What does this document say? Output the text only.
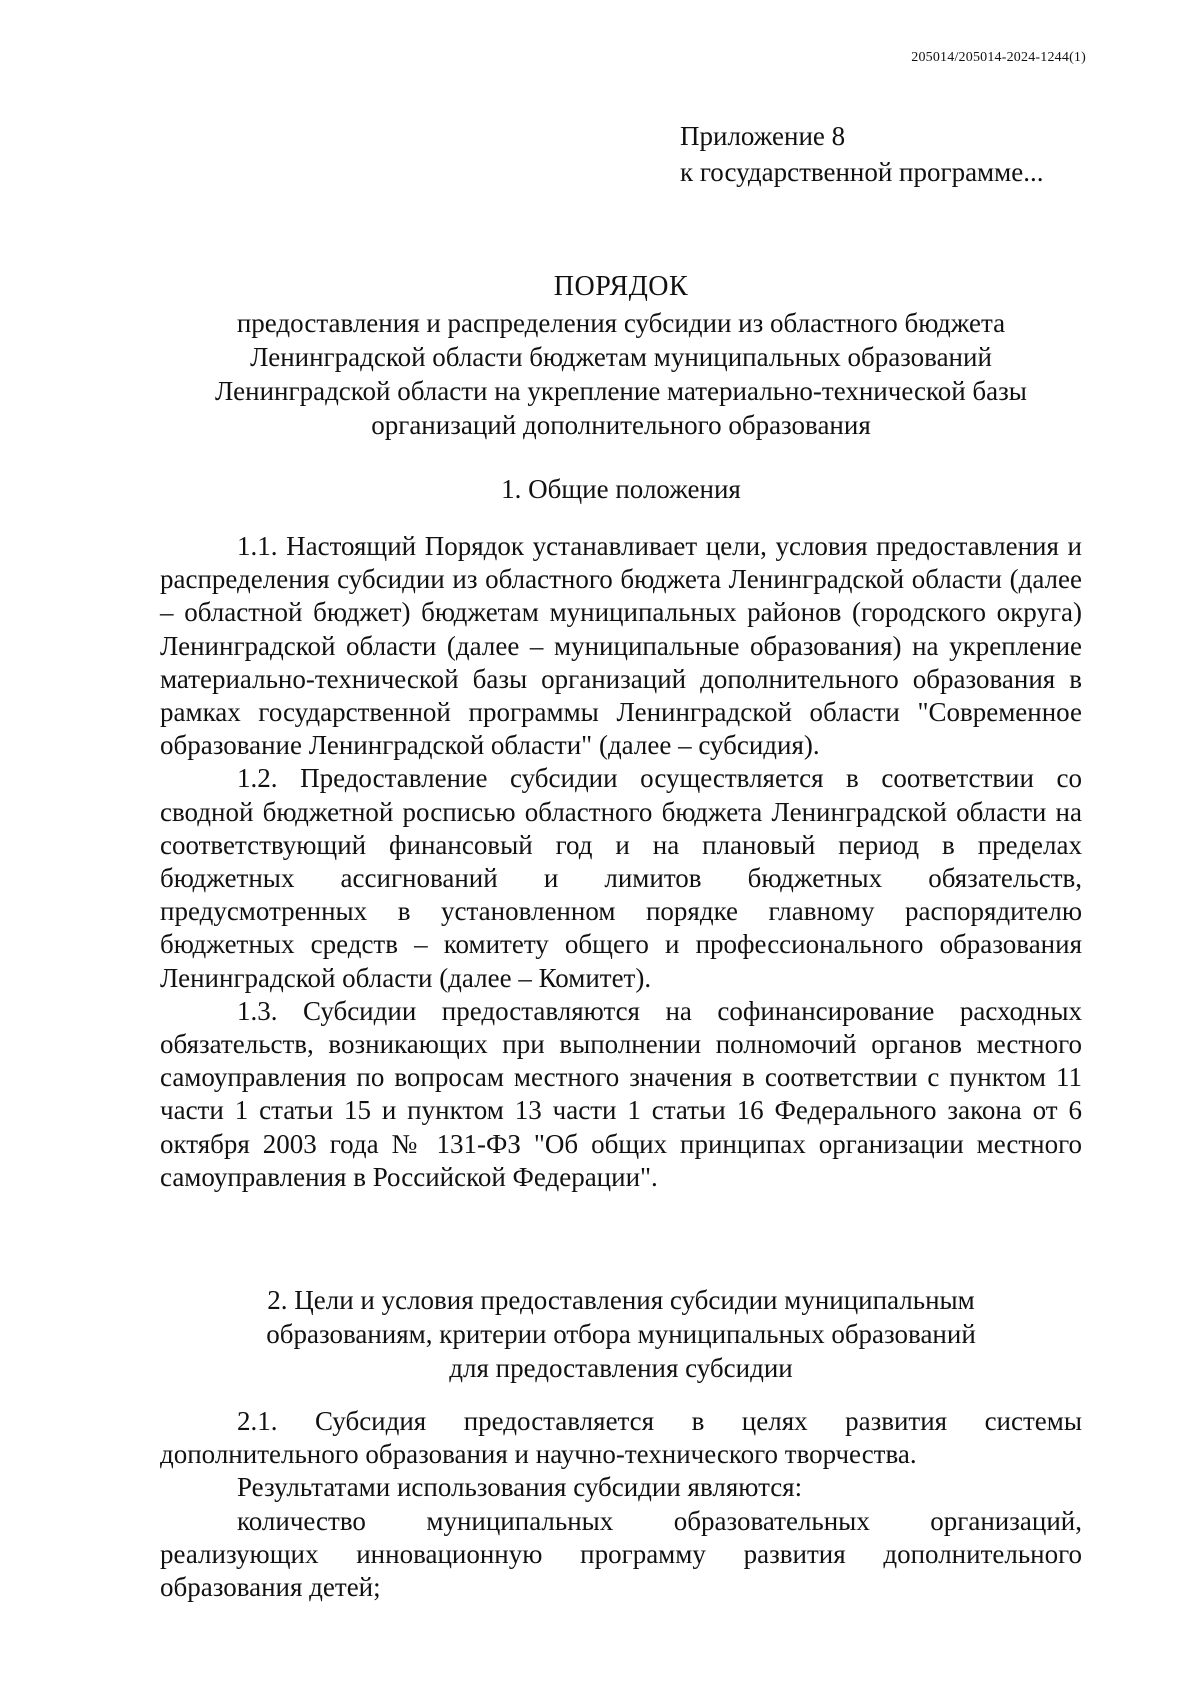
205014/205014-2024-1244(1)
Приложение 8
к государственной программе...
ПОРЯДОК
предоставления и распределения субсидии из областного бюджета
Ленинградской области бюджетам муниципальных образований
Ленинградской области на укрепление материально-технической базы
организаций дополнительного образования
1. Общие положения

1.1. Настоящий Порядок устанавливает цели, условия предоставления и распределения субсидии из областного бюджета Ленинградской области (далее – областной бюджет) бюджетам муниципальных районов (городского округа) Ленинградской области (далее – муниципальные образования) на укрепление материально-технической базы организаций дополнительного образования в рамках государственной программы Ленинградской области "Современное образование Ленинградской области" (далее – субсидия).

1.2. Предоставление субсидии осуществляется в соответствии со сводной бюджетной росписью областного бюджета Ленинградской области на соответствующий финансовый год и на плановый период в пределах бюджетных ассигнований и лимитов бюджетных обязательств, предусмотренных в установленном порядке главному распорядителю бюджетных средств – комитету общего и профессионального образования Ленинградской области (далее – Комитет).

1.3. Субсидии предоставляются на софинансирование расходных обязательств, возникающих при выполнении полномочий органов местного самоуправления по вопросам местного значения в соответствии с пунктом 11 части 1 статьи 15 и пунктом 13 части 1 статьи 16 Федерального закона от 6 октября 2003 года № 131-ФЗ "Об общих принципах организации местного самоуправления в Российской Федерации".

2. Цели и условия предоставления субсидии муниципальным
образованиям, критерии отбора муниципальных образований
для предоставления субсидии

2.1. Субсидия предоставляется в целях развития системы дополнительного образования и научно-технического творчества.

Результатами использования субсидии являются:

количество муниципальных образовательных организаций, реализующих инновационную программу развития дополнительного образования детей;
